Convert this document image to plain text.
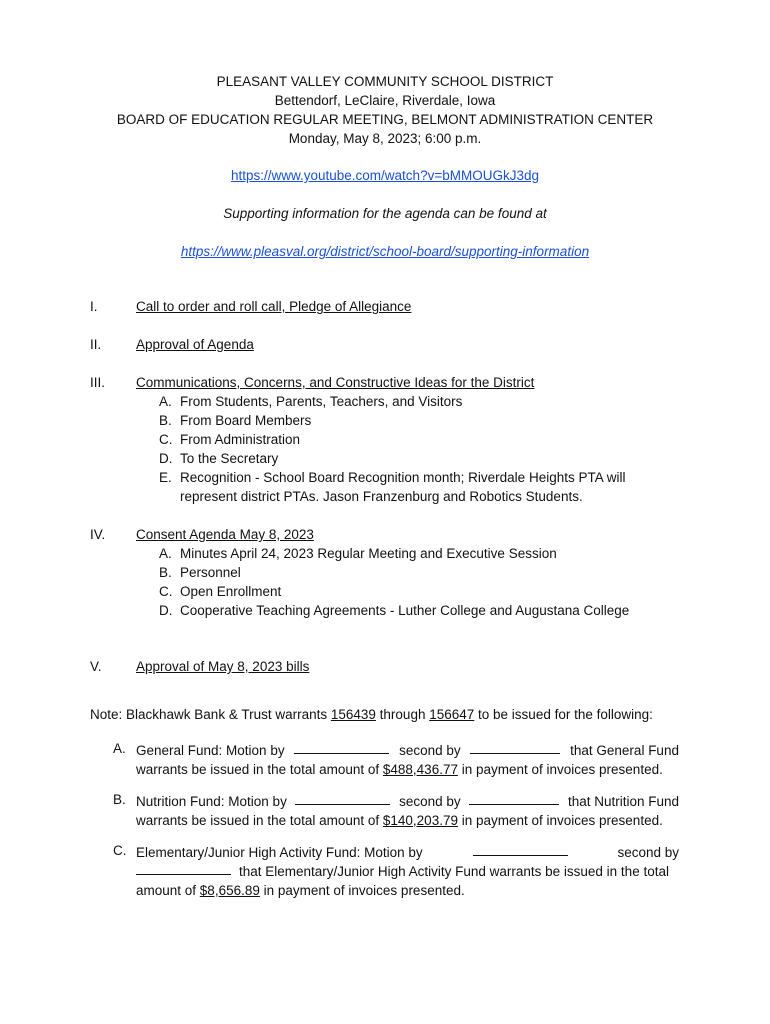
PLEASANT VALLEY COMMUNITY SCHOOL DISTRICT
Bettendorf, LeClaire, Riverdale, Iowa
BOARD OF EDUCATION REGULAR MEETING, BELMONT ADMINISTRATION CENTER
Monday, May 8, 2023; 6:00 p.m.
https://www.youtube.com/watch?v=bMMOUGkJ3dg
Supporting information for the agenda can be found at
https://www.pleasval.org/district/school-board/supporting-information
I.	Call to order and roll call, Pledge of Allegiance
II.	Approval of Agenda
III. Communications, Concerns, and Constructive Ideas for the District
A. From Students, Parents, Teachers, and Visitors
B. From Board Members
C. From Administration
D. To the Secretary
E. Recognition - School Board Recognition month; Riverdale Heights PTA will
represent district PTAs. Jason Franzenburg and Robotics Students.
IV. Consent Agenda May 8, 2023
A. Minutes April 24, 2023 Regular Meeting and Executive Session
B. Personnel
C. Open Enrollment
D. Cooperative Teaching Agreements - Luther College and Augustana College
V.	Approval of May 8, 2023 bills
Note: Blackhawk Bank & Trust warrants 156439 through 156647 to be issued for the following:
A. General Fund: Motion by	second by	that General Fund
warrants be issued in the total amount of $488,436.77 in payment of invoices presented.
B. Nutrition Fund: Motion by	second by	that Nutrition Fund
warrants be issued in the total amount of $140,203.79 in payment of invoices presented.
C. Elementary/Junior High Activity Fund: Motion by	second by
that Elementary/Junior High Activity Fund warrants be issued in the total
amount of $8,656.89 in payment of invoices presented.
